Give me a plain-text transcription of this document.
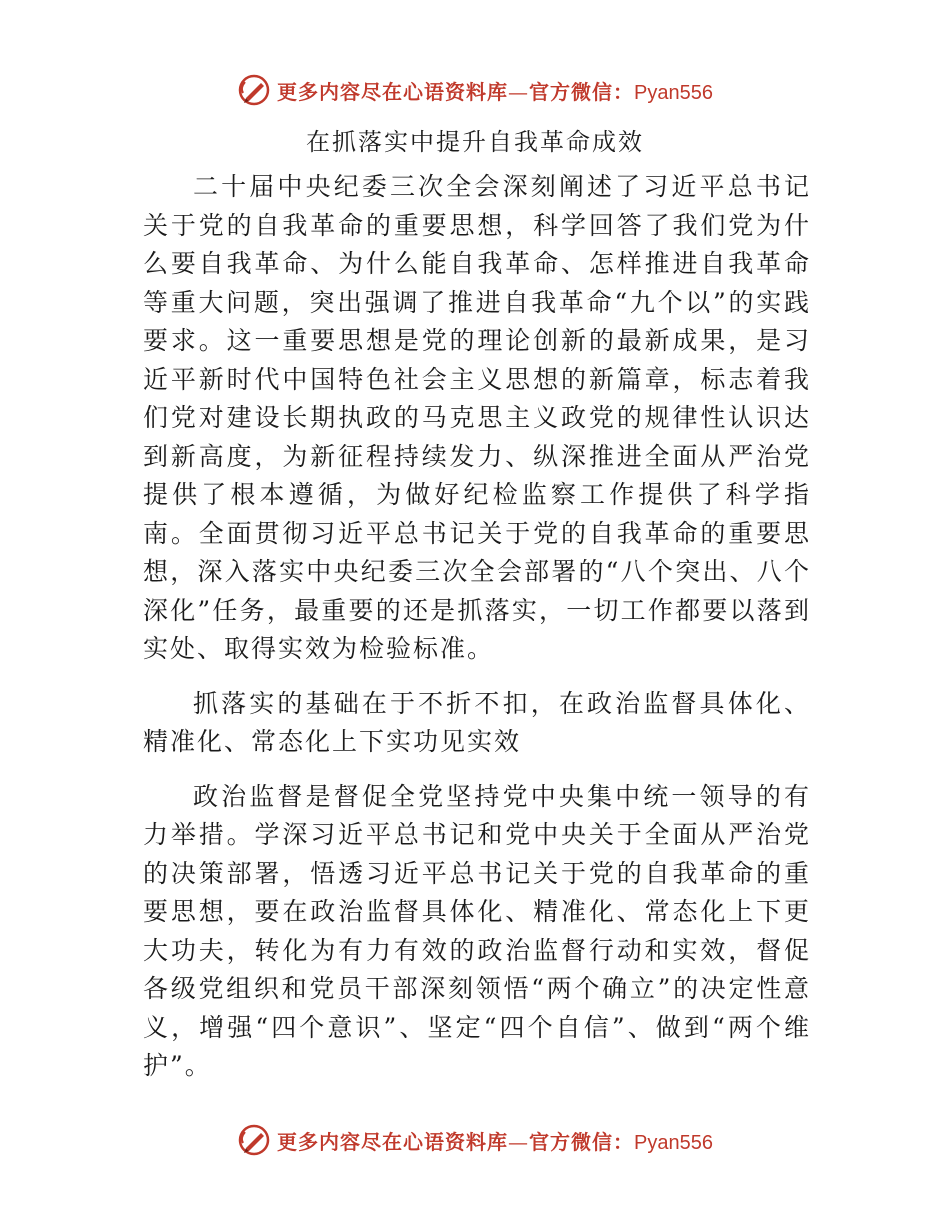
更多内容尽在心语资料库—官方微信：Pyan556
在抓落实中提升自我革命成效

二十届中央纪委三次全会深刻阐述了习近平总书记关于党的自我革命的重要思想，科学回答了我们党为什么要自我革命、为什么能自我革命、怎样推进自我革命等重大问题，突出强调了推进自我革命“九个以”的实践要求。这一重要思想是党的理论创新的最新成果，是习近平新时代中国特色社会主义思想的新篇章，标志着我们党对建设长期执政的马克思主义政党的规律性认识达到新高度，为新征程持续发力、纵深推进全面从严治党提供了根本遵循，为做好纪检监察工作提供了科学指南。全面贯彻习近平总书记关于党的自我革命的重要思想，深入落实中央纪委三次全会部署的“八个突出、八个深化”任务，最重要的还是抓落实，一切工作都要以落到实处、取得实效为检验标准。

抓落实的基础在于不折不扣，在政治监督具体化、精准化、常态化上下实功见实效

政治监督是督促全党坚持党中央集中统一领导的有力举措。学深习近平总书记和党中央关于全面从严治党的决策部署，悟透习近平总书记关于党的自我革命的重要思想，要在政治监督具体化、精准化、常态化上下更大功夫，转化为有力有效的政治监督行动和实效，督促各级党组织和党员干部深刻领悟“两个确立”的决定性意义，增强“四个意识”、坚定“四个自信”、做到“两个维护”。

更多内容尽在心语资料库—官方微信：Pyan556
